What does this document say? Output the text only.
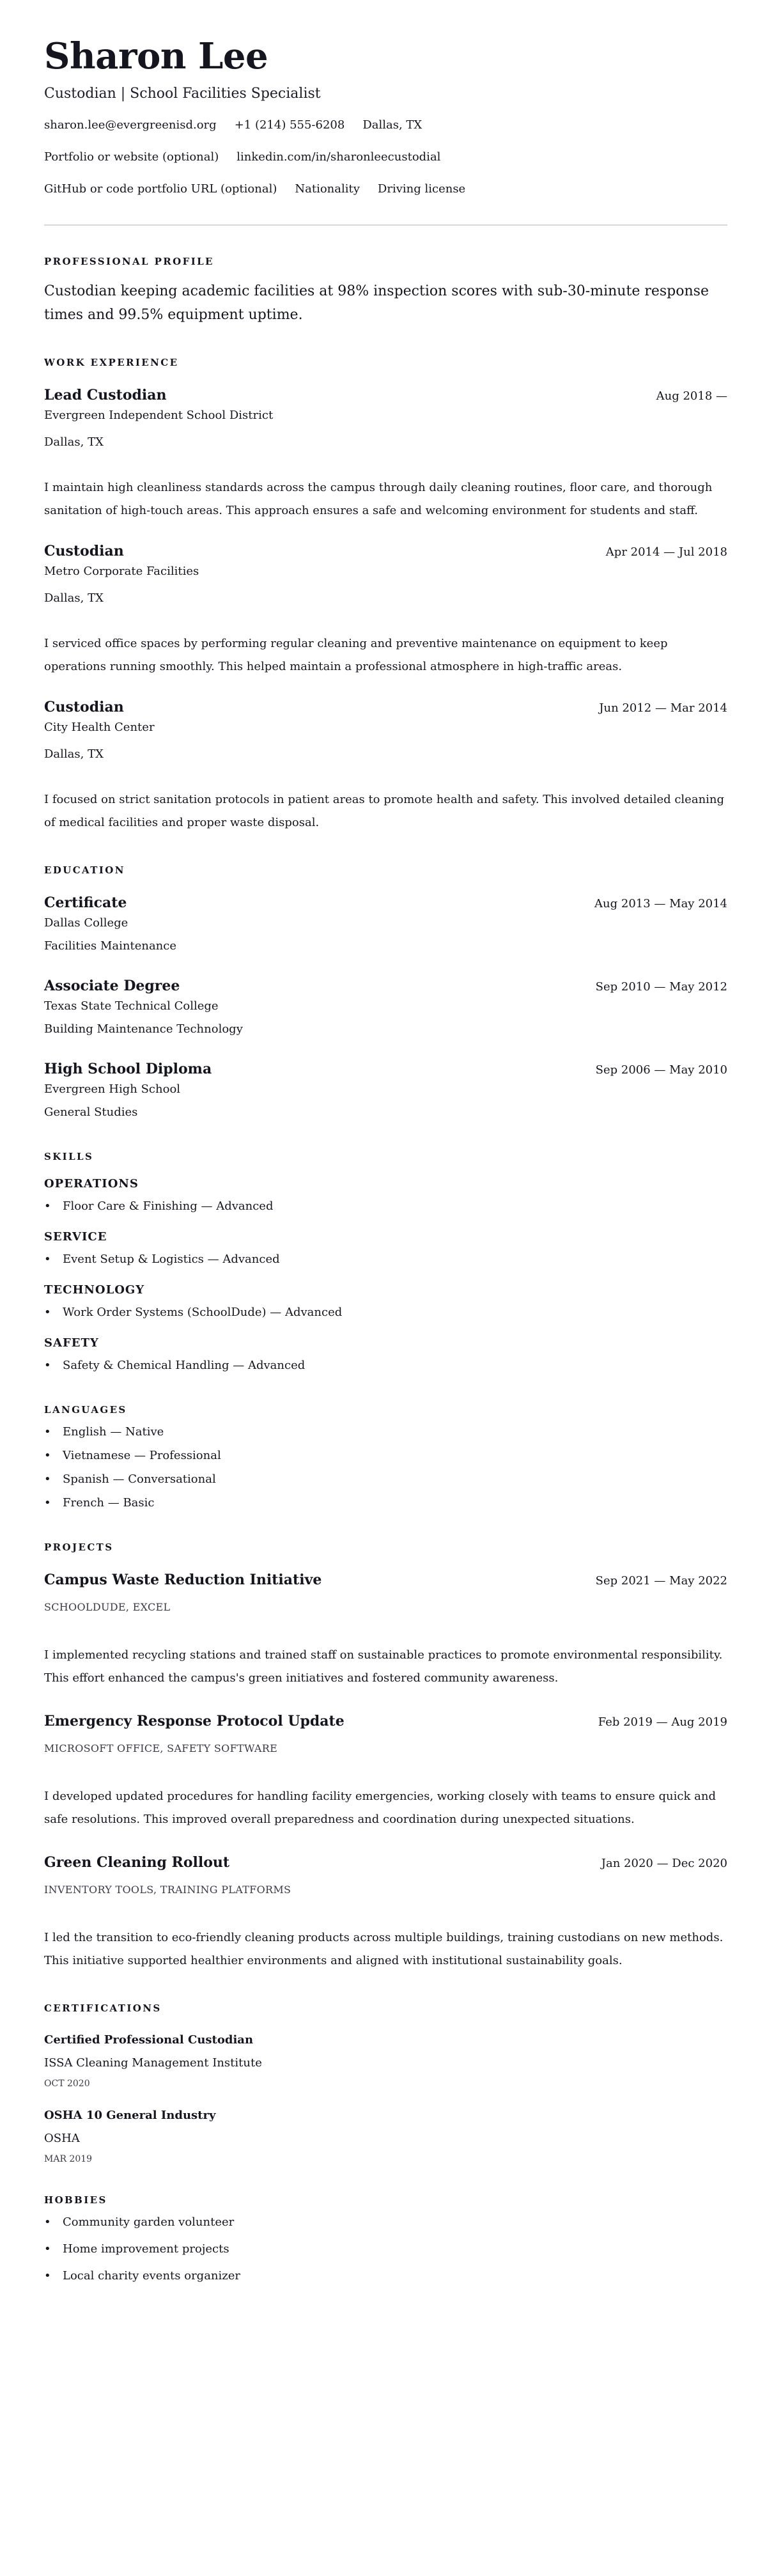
Sharon Lee
Custodian | School Facilities Specialist
sharon.lee@evergreenisd.org +1 (214) 555-6208 Dallas, TX
Portfolio or website (optional) linkedin.com/in/sharonleecustodial
GitHub or code portfolio URL (optional) Nationality Driving license
PROFESSIONAL PROFILE

Custodian keeping academic facilities at 98% inspection scores with sub-30-minute response times and 99.5% equipment uptime.

WORK EXPERIENCE
Lead Custodian	Aug 2018 —
Evergreen Independent School District
Dallas, TX

I maintain high cleanliness standards across the campus through daily cleaning routines, floor care, and thorough sanitation of high-touch areas. This approach ensures a safe and welcoming environment for students and staff.

Custodian	Apr 2014 — Jul 2018
Metro Corporate Facilities
Dallas, TX

I serviced office spaces by performing regular cleaning and preventive maintenance on equipment to keep operations running smoothly. This helped maintain a professional atmosphere in high-traffic areas.

Custodian	Jun 2012 — Mar 2014
City Health Center
Dallas, TX

I focused on strict sanitation protocols in patient areas to promote health and safety. This involved detailed cleaning of medical facilities and proper waste disposal.

EDUCATION
Certificate	Aug 2013 — May 2014
Dallas College
Facilities Maintenance
Associate Degree	Sep 2010 — May 2012
Texas State Technical College
Building Maintenance Technology
High School Diploma	Sep 2006 — May 2010
Evergreen High School
General Studies
SKILLS
OPERATIONS
• Floor Care & Finishing — Advanced
SERVICE
• Event Setup & Logistics — Advanced
TECHNOLOGY
• Work Order Systems (SchoolDude) — Advanced
SAFETY
• Safety & Chemical Handling — Advanced
LANGUAGES
• English — Native
• Vietnamese — Professional
• Spanish — Conversational
• French — Basic
PROJECTS
Campus Waste Reduction Initiative	Sep 2021 — May 2022
SCHOOLDUDE, EXCEL

I implemented recycling stations and trained staff on sustainable practices to promote environmental responsibility. This effort enhanced the campus's green initiatives and fostered community awareness.

Emergency Response Protocol Update	Feb 2019 — Aug 2019
MICROSOFT OFFICE, SAFETY SOFTWARE

I developed updated procedures for handling facility emergencies, working closely with teams to ensure quick and safe resolutions. This improved overall preparedness and coordination during unexpected situations.

Green Cleaning Rollout	Jan 2020 — Dec 2020
INVENTORY TOOLS, TRAINING PLATFORMS

I led the transition to eco-friendly cleaning products across multiple buildings, training custodians on new methods. This initiative supported healthier environments and aligned with institutional sustainability goals.

CERTIFICATIONS
Certified Professional Custodian
ISSA Cleaning Management Institute
OCT 2020
OSHA 10 General Industry
OSHA
MAR 2019
HOBBIES
• Community garden volunteer
• Home improvement projects
• Local charity events organizer
